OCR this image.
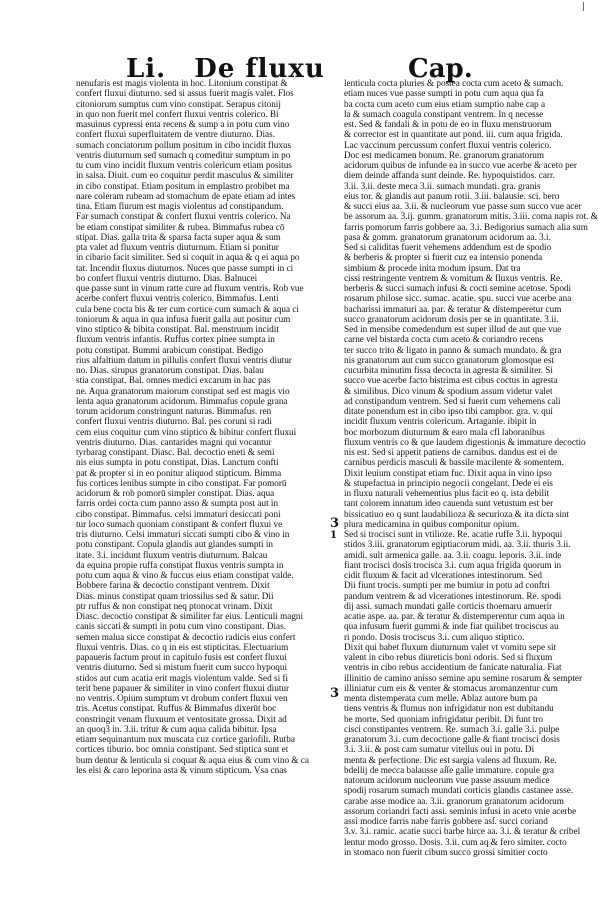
|
Li. De fluxu	Cap.
nenufaris est magis violenta in hoc. Litonium constipat &
confert fluxui diuturno. sed si assus fuerit magis valet. Flos
citoniorum sumptus cum vino constipat. Serapus citonij
in quo non fuerit mel confert fluxui ventris colerico. Bi
masuinus cypressi enta recens & sump a in potu cum vino
confert fluxui superfluitatem de ventre diuturno. Dias.
sumach conciatorum pollum positum in cibo incidit fluxus
ventris diuturnum sed sumach q comeditur sumptum in po
tu cum vino incidit fluxum ventris colericum etiam positus
in salsa. Diuit. cum eo coquitur perdit masculus & similiter
in cibo constipat. Etiam positum in emplastro probibet ma
nare coleram rubeam ad stomachum de epate etiam ad intes
tina. Etiam flurum est magis violentus ad constipandum.
Far sumach constipat & confert fluxui ventris colerico. Na
be etiam constipat similiter & rubea. Bimmafus rubea cō
stipat. Dias. galla trita & sparsa facta super aqua & sum
pta valet ad fluxum ventris diuturnum. Etiam si ponitur
in cibario facit similiter. Sed si coquit in aqua & q ei aqua po
tat. Incendit fluxus diuturnos. Nuces que passe sumpti in ci
bo confert fluxui ventris diuturno. Dias. Balnucei
que passe sunt in vinum ratte cure ad fluxum ventris. Rob vue
acerbe confert fluxui ventris colerico. Bimmafus. Lenti
cula bene cocta bis & ter cum cortice cum sumach & aqua ci
toniorum & aqua in qua infusa fuerit galla aut positur cum
vino stiptico & bibita constipat. Bal. menstruum incidit
fluxum ventris infantis. Ruffus cortex pinee sumpta in
potu constipat. Bummi arabicum constipat. Bedigo
rius alfaltium datum in pillulis confert fluxui ventris diutur
no. Dias. sirupus granatorum constipat. Dias. balau
stia constipat. Bal. omnes medici excarum in hac pas
ne. Aqua granatorum maiorum constipat sed est magis vio
lenta aqua granatorum acidorum. Bimmafus copule grana
torum acidorum constringunt naturas. Bimmafus. ren
confert fluxui ventris diuturno. Bal. pes coruni si radi
cem eius coquitur cum vino stiptico & bibitur confert fluxui
ventris diuturno. Dias. cantarides magni qui vocantur
tyrbarag constipant. Diasc. Bal. decoctio eneti & semi
nis eius sumpta in potu constipat. Dias. Lanctum confti
pat & propter si in eo ponitur aliquod stipticum. Bimma
fus cortices lenibus sumpte in cibo constipat. Far pomorū
acidorum & rob pomorū simpler constipat. Dias. aqua
farris ordei cocta cum panno asso & sumpta post aut in
cibo constipat. Bimmafus. celsi immaturi desiccati poni
tur loco sumach quoniam constipant & confert fluxui ve
tris diuturno. Celsi immaturi siccati sumpti cibo & vino in
potu constipant. Copula glandis aut glandes sumpti in
itate. 3.i. incidunt fluxum ventris diuturnum. Balcau
da equina propie ruffa constipat fluxus ventris sumpta in
potu cum aqua & vino & fuccus eius etiam constipat valde.
Bobbere farina & decoctio constipant ventrem. Dixit
Dias. minus constipat quam triossilus sed & satur. Dii
ptr ruffus & non constipat neq ptonocat vrinam. Dixit
Diasc. decoctio constipat & similiter far eius. Lenticuli magni
canis siccati & sumpti in potu cum vino constipant. Dias.
semen malua sicce constipat & decoctio radicis eius confert
fluxui ventris. Dias. co q in eis est stipticitas. Electuarium
papaueris factum prout in capitulo fusis est confert fluxui
ventris diuturno. Sed si mistum fuerit cum succo hypoqui
stidos aut cum acatia erit magis violentum valde. Sed si fi
terit bene papauer & similiter in vino confert fluxui diutur
no ventris. Opium sumptum vt drobum confert fluxui ven
tris. Acetus constipat. Ruffus & Bimmafus dixerūt boc
constringit venam fluxuum et ventositate grossa. Dixit ad
an quoq3 in. 3.ii. tritur & cum aqua calida bibitur. Ipsa
etiam sequinantum nux muscata cuz cortice gariofili. Rutba
cortices tiburio. boc omnia constipant. Sed stiptica sunt et
bum dentur & lenticula si coquat & aqua eius & cum vino & ca
les elsi & caro leporina asta & vinum stipticum. Vsa cnas
lenticula cocta pluries & postea cocta cum aceto & sumach.
etiam nuces vue passe sumpti in potu cum aqua qua fa
ba cocta cum aceto cum eius etiam sumptio nabe cap a
la & sumach coagula constipant ventrem. In q necesse
est. Sed & fandali & in potu de eo in fluxu menstruorum
& corrector est in quantitate aut pond. iii. cum aqua frigida.
Lac vaccinum percussum confert fluxui ventris colerico.
Doc est medicamen bonum. Re. granorum granatorum
acidorum quibus de infunde ea in succo vue acerbe & aceto per
diem deinde affanda sunt deinde. Re. hypoquistidos. carr.
3.ii. 3.ii. deste meca 3.ii. sumach mundati. gra. granis
eius tor. & glandis aut panum rotii. 3.iii. balausie. sci. bero
& succi eius aa. 3.ii. & nucleorum vue passe sum succo vue acer
be assorum aa. 3.ij. gumm. granatorum mitis. 3.iii. coma napis rot. &
farris pomorum farris gobbere aa. 3.i. Bedigorius sumach alia sum
pasa & gomm. granatorum granatorum acidorum aa. 3.i.
Sed si caliditas fuerit vehemens addendum est de spodio
& berberis & propter si fuerit cuz ea intensio ponenda
simbium & procede inita modum ipsum. Dat tra
cissi restringente ventrem & vomitum & fluxus ventris. Re.
berberis & succi sumach infusi & cocti semine acetose. Spodi
rosarum philose sicc. sumac. acatie. spu. succi vue acerbe ana
bacharissi immaturi aa. par. & teratur & distemperetur cum
succo granatorum acidorum dosis per se in quantitate. 3.ii.
Sed in mensibe comedendum est super illud de aut que vue
carne vel bistarda cocta cum aceto & coriandro recens
ter succo trito & ligato in panno & sumach mundato. & gra
nis granatorum aut cum succo granatorum glomosque est
cucurbita minutim fissa decocta in agresta & similiter. Si
succo vue acerbe facto bistrima est cibus coctus in agresta
& similibus. Dico vinum & spodium assum videtur valet
ad constipandum ventrem. Sed si fuerit cum vehemens cali
ditate ponendum est in cibo ipso tibi campbor. gra. v. qui
incidit fluxum ventris colericum. Artaganie. ibipit in
boc morbozum diuturnum & earo mala cfl laboranibus
fluxum ventris co & que laudem digestionis & immature decoctio
nis est. Sed si appetit patiens de carnibus. dandus est ei de
carnibus perdicis masculi & bassile macilente & somentem.
Dixit leuium constipat etiam fuc. Dixit aqua in vino ipso
& stupefactua in principio negocii congelant. Dede ei eis
in fluxu naturali vehementius plus facit eo q. ista debilit
tant colorem innatum ideo cauenda sunt vetustum est ber
bissicatiuo eo q sunt laudabilioza & securioza & ita dicta sint
plura medicamina in quibus componitur opium.
Sed si trocisci sunt in vtilioze. Re. acatie ruffe 3.ii. hypoqui
stidos 3.iii. granatorum egiptiacorum midi. aa. 3.ii. thuris 3.ii.
amidi. sult armenica galle. aa. 3.ii. coagu. leporis. 3.ii. inde
fiant trocisci dosis trocisca 3.i. cum aqua frigida quorum in
cidit fluxum & facit ad vlcerationes intestinorum. Sed
Dii fiunt trocis. sumpti per me bumiur in potu ad conftri
pandum ventrem & ad vlcerationes intestinorum. Re. spodi
dij assi. sumach mundati galle corticis thoemaru amuerir
acatie aspe. aa. par. & teratur & distemperentur cum aqua in
qua infusum fuerit gummi & inde fiat quilibet trociscus au
ri pondo. Dosis trociscus 3.i. cum aliquo stiptico.
Dixit qui babet fluxum diuturnum valet vt vomitu sepe sit
valent in cibo rebus diureticis boni odoris. Sed si fluxum
ventris in cibo rebus accidentium de fanicate naturalia. Fiat
illinitio de camino anisso semine apu semine rosarum & sempter
illiniatur cum eis & venter & stomacus aromanzentur cum
menta distemperata cum melle. Ablaz autore bum pa
tiens ventris & flumus non infrigidatur non est dubitandu
be morte. Sed quoniam infrigidatur peribit. Di funt tro
cisci constipantes ventrem. Re. sumach 3.i. galle 3.i. pulpe
granatorum 3.i. cum decoctione galle & fiant trocisci dosis
3.i. 3.ii. & post cam sumatur vitellus oui in potu. Di
menta & perfectione. Dic est sargia valens ad fluxum. Re.
bdellij de mecca balausse aſſe galle immature. copule gra
natorum acidorum nucleorum vue passe assuum medice
spodij rosarum sumach mundati corticis glandis castanee asse.
carabe asse modice aa. 3.ii. granorum granatorum acidorum
assorum coriandri facti assi. seminis infusi in aceto vnie acerbe
assi modice farris nabe farris gobbere asſ. succi coriand
3.v. 3.i. ramic. acatie succi barbe hirce aa. 3.i. & teratur & cribel
lentur modo grosso. Dosis. 3.ii. cum aq & fero simiter. cocto
in stomaco non fuerit cibum succo grossi simitier cocto
3
1
3
